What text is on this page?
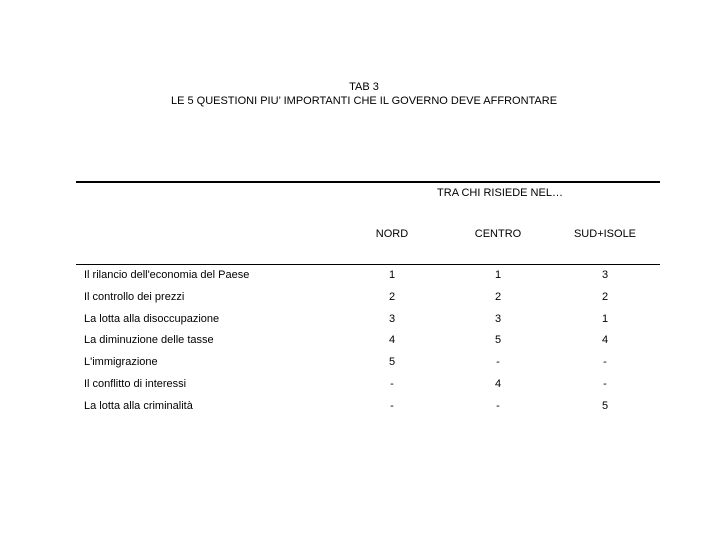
TAB 3
LE 5 QUESTIONI PIU’ IMPORTANTI CHE IL GOVERNO DEVE AFFRONTARE
TRA CHI RISIEDE NEL…
NORD	CENTRO	SUD+ISOLE
Il rilancio dell'economia del Paese	1	1	3
Il controllo dei prezzi	2	2	2
La lotta alla disoccupazione	3	3	1
La diminuzione delle tasse	4	5	4
L'immigrazione	5	-	-
Il conflitto di interessi	-	4	-
La lotta alla criminalità	-	-	5
